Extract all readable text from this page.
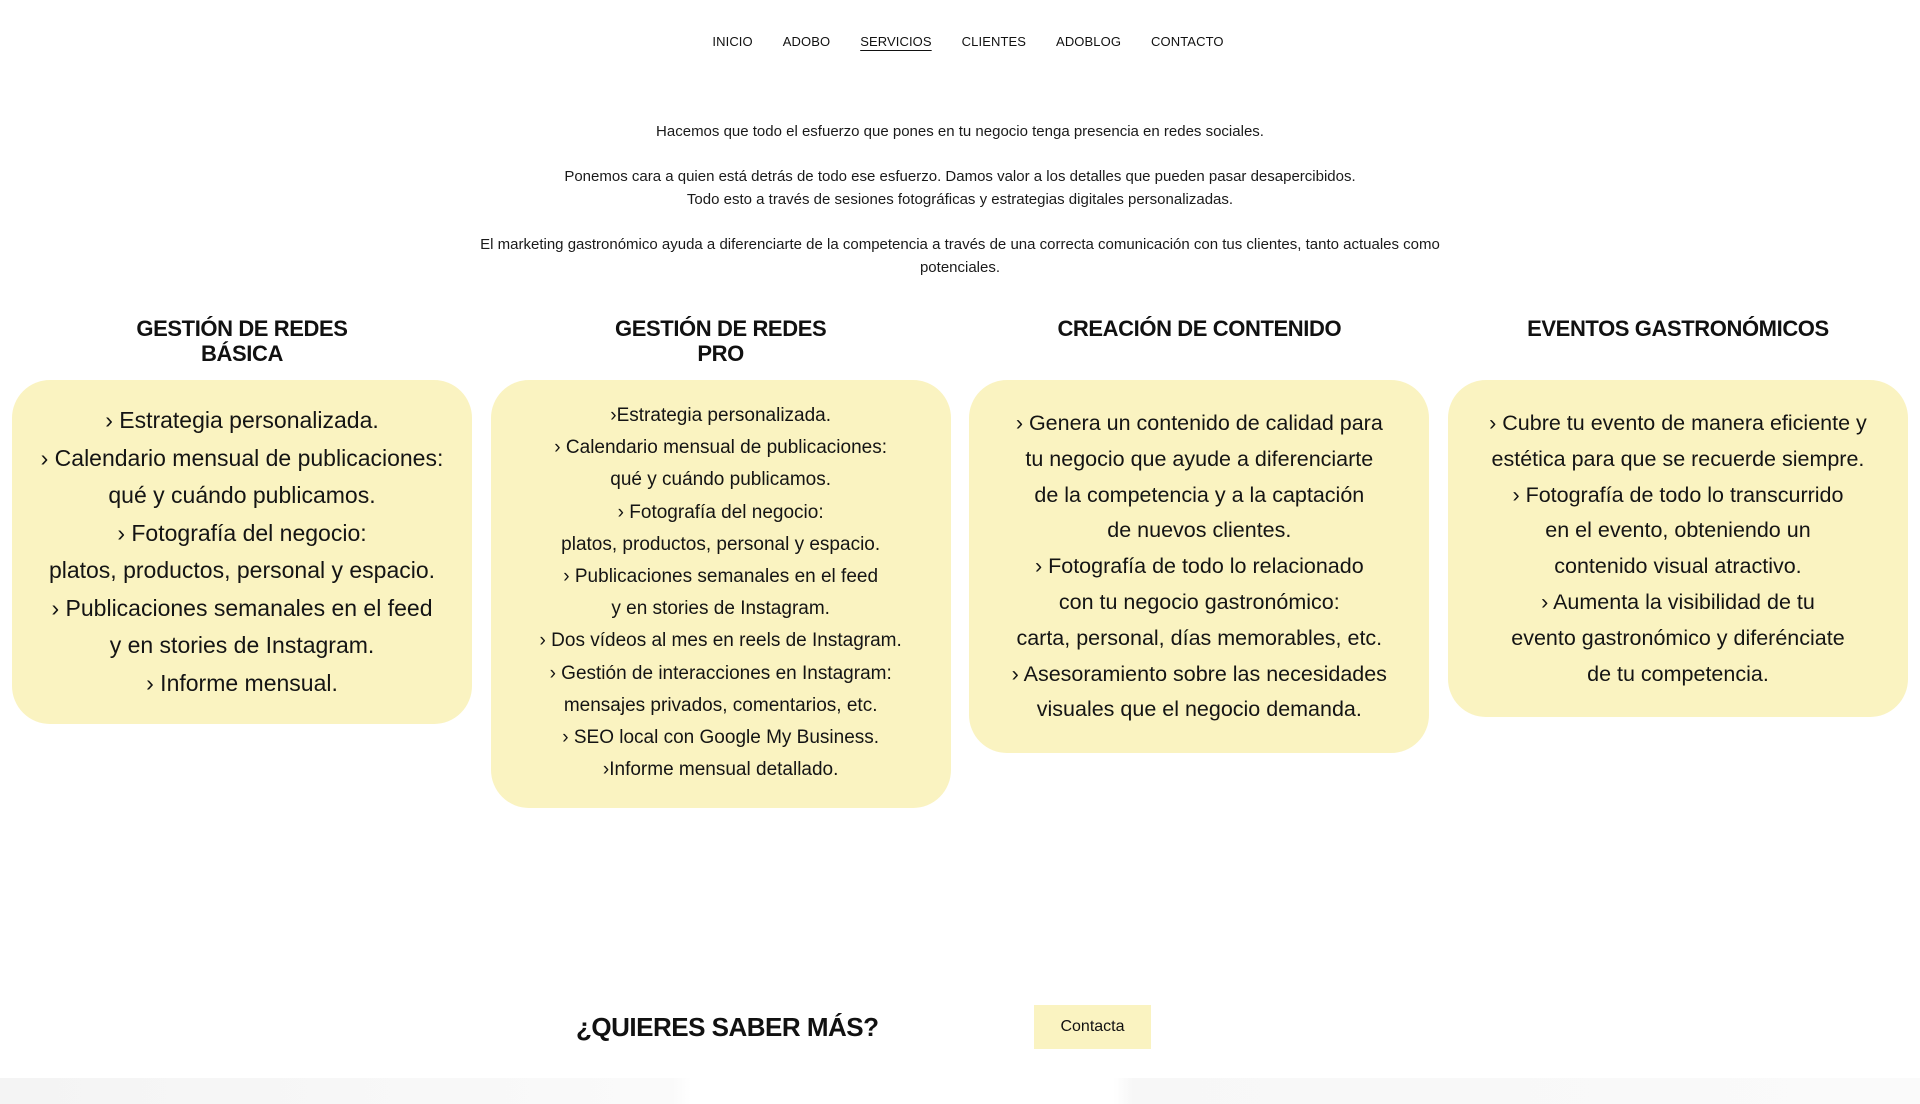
INICIO ADOBO SERVICIOS CLIENTES ADOBLOG CONTACTO

Hacemos que todo el esfuerzo que pones en tu negocio tenga presencia en redes sociales.

Ponemos cara a quien está detrás de todo ese esfuerzo. Damos valor a los detalles que pueden pasar desapercibidos.
Todo esto a través de sesiones fotográficas y estrategias digitales personalizadas.

El marketing gastronómico ayuda a diferenciarte de la competencia a través de una correcta comunicación con tus clientes, tanto actuales como
potenciales.

GESTIÓN DE REDES
BÁSICA
› Estrategia personalizada.
› Calendario mensual de publicaciones:
qué y cuándo publicamos.
› Fotografía del negocio:
platos, productos, personal y espacio.
› Publicaciones semanales en el feed
y en stories de Instagram.
› Informe mensual.
GESTIÓN DE REDES
PRO
›Estrategia personalizada.
› Calendario mensual de publicaciones:
qué y cuándo publicamos.
› Fotografía del negocio:
platos, productos, personal y espacio.
› Publicaciones semanales en el feed
y en stories de Instagram.
› Dos vídeos al mes en reels de Instagram.
› Gestión de interacciones en Instagram:
mensajes privados, comentarios, etc.
› SEO local con Google My Business.
›Informe mensual detallado.
CREACIÓN DE CONTENIDO
› Genera un contenido de calidad para
tu negocio que ayude a diferenciarte
de la competencia y a la captación
de nuevos clientes.
› Fotografía de todo lo relacionado
con tu negocio gastronómico:
carta, personal, días memorables, etc.
› Asesoramiento sobre las necesidades
visuales que el negocio demanda.
EVENTOS GASTRONÓMICOS
› Cubre tu evento de manera eficiente y
estética para que se recuerde siempre.
› Fotografía de todo lo transcurrido
en el evento, obteniendo un
contenido visual atractivo.
› Aumenta la visibilidad de tu
evento gastronómico y diferénciate
de tu competencia.
¿QUIERES SABER MÁS?	Contacta
